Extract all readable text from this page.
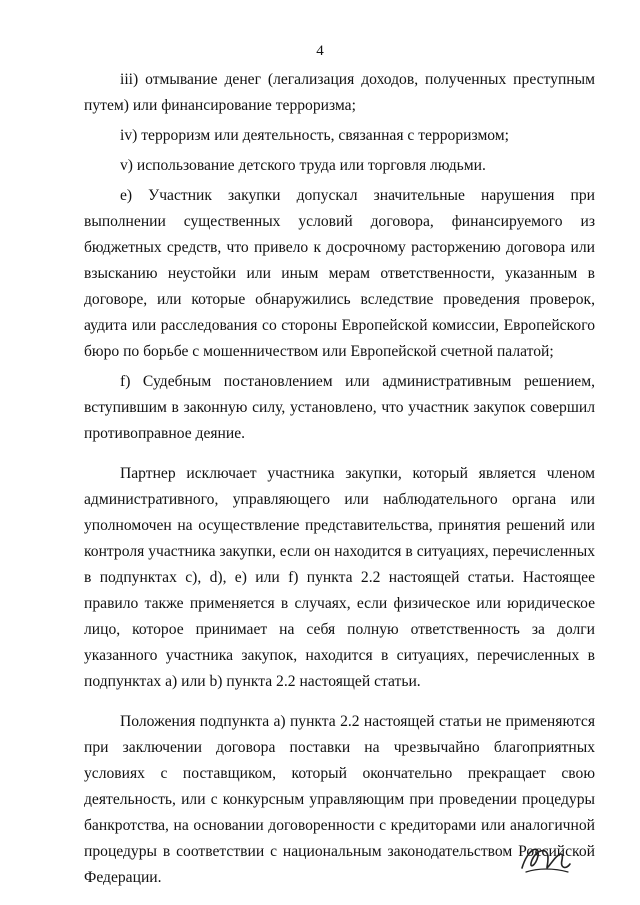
4

iii) отмывание денег (легализация доходов, полученных преступным путем) или финансирование терроризма;

iv) терроризм или деятельность, связанная с терроризмом;

v) использование детского труда или торговля людьми.

e) Участник закупки допускал значительные нарушения при выполнении существенных условий договора, финансируемого из бюджетных средств, что привело к досрочному расторжению договора или взысканию неустойки или иным мерам ответственности, указанным в договоре, или которые обнаружились вследствие проведения проверок, аудита или расследования со стороны Европейской комиссии, Европейского бюро по борьбе с мошенничеством или Европейской счетной палатой;

f) Судебным постановлением или административным решением, вступившим в законную силу, установлено, что участник закупок совершил противоправное деяние.

Партнер исключает участника закупки, который является членом административного, управляющего или наблюдательного органа или уполномочен на осуществление представительства, принятия решений или контроля участника закупки, если он находится в ситуациях, перечисленных в подпунктах c), d), e) или f) пункта 2.2 настоящей статьи. Настоящее правило также применяется в случаях, если физическое или юридическое лицо, которое принимает на себя полную ответственность за долги указанного участника закупок, находится в ситуациях, перечисленных в подпунктах a) или b) пункта 2.2 настоящей статьи.

Положения подпункта a) пункта 2.2 настоящей статьи не применяются при заключении договора поставки на чрезвычайно благоприятных условиях с поставщиком, который окончательно прекращает свою деятельность, или с конкурсным управляющим при проведении процедуры банкротства, на основании договоренности с кредиторами или аналогичной процедуры в соответствии с национальным законодательством Российской Федерации.
